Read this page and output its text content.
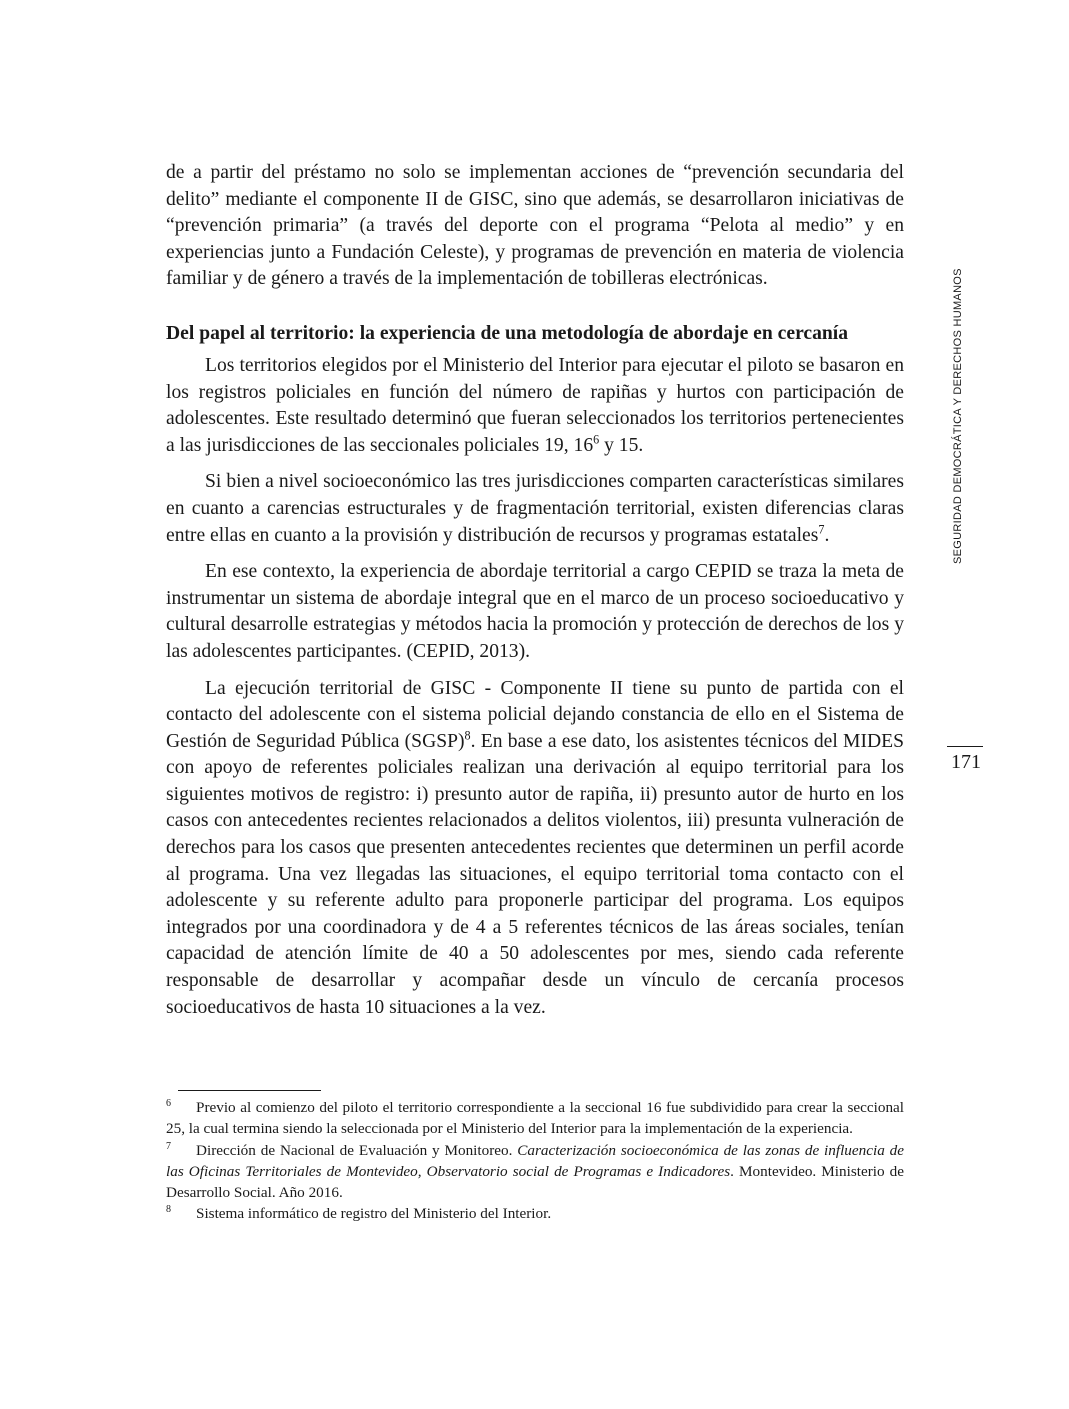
SEGURIDAD DEMOCRÁTICA Y DERECHOS HUMANOS
171

de a partir del préstamo no solo se implementan acciones de “prevención secundaria del delito” mediante el componente II de GISC, sino que además, se desarrollaron iniciativas de “prevención primaria” (a través del deporte con el programa “Pelota al medio” y en experiencias junto a Fundación Celeste), y programas de prevención en materia de violencia familiar y de género a través de la implementación de tobilleras electrónicas.

Del papel al territorio: la experiencia de una metodología de abordaje en cercanía

Los territorios elegidos por el Ministerio del Interior para ejecutar el piloto se basaron en los registros policiales en función del número de rapiñas y hurtos con participación de adolescentes. Este resultado determinó que fueran seleccionados los territorios pertenecientes a las jurisdicciones de las seccionales policiales 19, $16^6$ y 15.

Si bien a nivel socioeconómico las tres jurisdicciones comparten características similares en cuanto a carencias estructurales y de fragmentación territorial, existen diferencias claras entre ellas en cuanto a la provisión y distribución de recursos y programas estatales$^7$.

En ese contexto, la experiencia de abordaje territorial a cargo CEPID se traza la meta de instrumentar un sistema de abordaje integral que en el marco de un proceso socioeducativo y cultural desarrolle estrategias y métodos hacia la promoción y protección de derechos de los y las adolescentes participantes. (CEPID, 2013).

La ejecución territorial de GISC - Componente II tiene su punto de partida con el contacto del adolescente con el sistema policial dejando constancia de ello en el Sistema de Gestión de Seguridad Pública (SGSP)$^8$. En base a ese dato, los asistentes técnicos del MIDES con apoyo de referentes policiales realizan una derivación al equipo territorial para los siguientes motivos de registro: i) presunto autor de rapiña, ii) presunto autor de hurto en los casos con antecedentes recientes relacionados a delitos violentos, iii) presunta vulneración de derechos para los casos que presenten antecedentes recientes que determinen un perfil acorde al programa. Una vez llegadas las situaciones, el equipo territorial toma contacto con el adolescente y su referente adulto para proponerle participar del programa. Los equipos integrados por una coordinadora y de 4 a 5 referentes técnicos de las áreas sociales, tenían capacidad de atención límite de 40 a 50 adolescentes por mes, siendo cada referente responsable de desarrollar y acompañar desde un vínculo de cercanía procesos socioeducativos de hasta 10 situaciones a la vez.

6 Previo al comienzo del piloto el territorio correspondiente a la seccional 16 fue subdividido para crear la seccional 25, la cual termina siendo la seleccionada por el Ministerio del Interior para la implementación de la experiencia.

7 Dirección de Nacional de Evaluación y Monitoreo. Caracterización socioeconómica de las zonas de influencia de las Oficinas Territoriales de Montevideo, Observatorio social de Programas e Indicadores. Montevideo. Ministerio de Desarrollo Social. Año 2016.

8 Sistema informático de registro del Ministerio del Interior.
